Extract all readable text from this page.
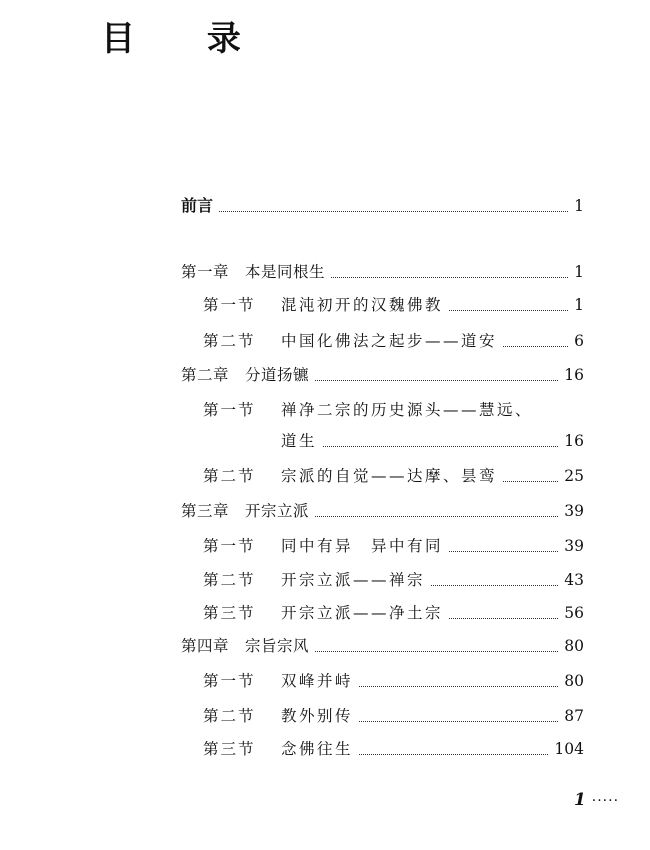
目 录
前言	1
第一章　本是同根生	1
第一节	混沌初开的汉魏佛教	1
第二节	中国化佛法之起步——道安	6
第二章　分道扬镳	16
第一节	禅净二宗的历史源头——慧远、
道生	16
第二节	宗派的自觉——达摩、昙鸾	25
第三章　开宗立派	39
第一节	同中有异　异中有同	39
第二节	开宗立派——禅宗	43
第三节	开宗立派——净土宗	56
第四章　宗旨宗风	80
第一节	双峰并峙	80
第二节	教外别传	87
第三节	念佛往生	104
1 ·····
